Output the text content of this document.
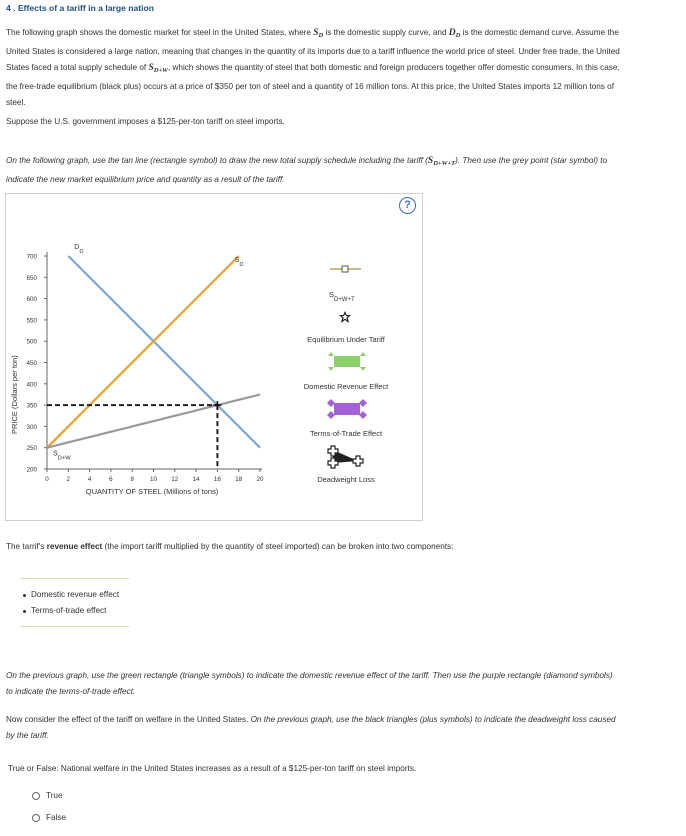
4 . Effects of a tariff in a large nation
The following graph shows the domestic market for steel in the United States, where $S_D$ is the domestic supply curve, and $D_D$ is the domestic demand curve. Assume the United States is considered a large nation, meaning that changes in the quantity of its imports due to a tariff influence the world price of steel. Under free trade, the United States faced a total supply schedule of $S_{D+W}$, which shows the quantity of steel that both domestic and foreign producers together offer domestic consumers. In this case, the free-trade equilibrium (black plus) occurs at a price of $350 per ton of steel and a quantity of 16 million tons. At this price, the United States imports 12 million tons of steel.
Suppose the U.S. government imposes a $125-per-ton tariff on steel imports.
On the following graph, use the tan line (rectangle symbol) to draw the new total supply schedule including the tariff $(S_{D+W+T})$. Then use the grey point (star symbol) to indicate the new market equilibrium price and quantity as a result of the tariff.
?
200
250
300
350
400
450
500
550
600
650
700
0	2	4	6	8	10 12 14 16 18 20
$D_D$
$S_D$
$S_{D+W}$
PRICE (Dollars per ton)
QUANTITY OF STEEL (Millions of tons)
$S_{D+W+T}$
Equilibrium Under Tariff
Domestic Revenue Effect
Terms-of-Trade Effect
Deadweight Loss
The tarrif's revenue effect (the import tariff multiplied by the quantity of steel imported) can be broken into two components:
Domestic revenue effect
Terms-of-trade effect
On the previous graph, use the green rectangle (triangle symbols) to indicate the domestic revenue effect of the tariff. Then use the purple rectangle (diamond symbols) to indicate the terms-of-trade effect.
Now consider the effect of the tariff on welfare in the United States. On the previous graph, use the black triangles (plus symbols) to indicate the deadweight loss caused by the tariff.
True or False: National welfare in the United States increases as a result of a $125-per-ton tariff on steel imports.
True
False
